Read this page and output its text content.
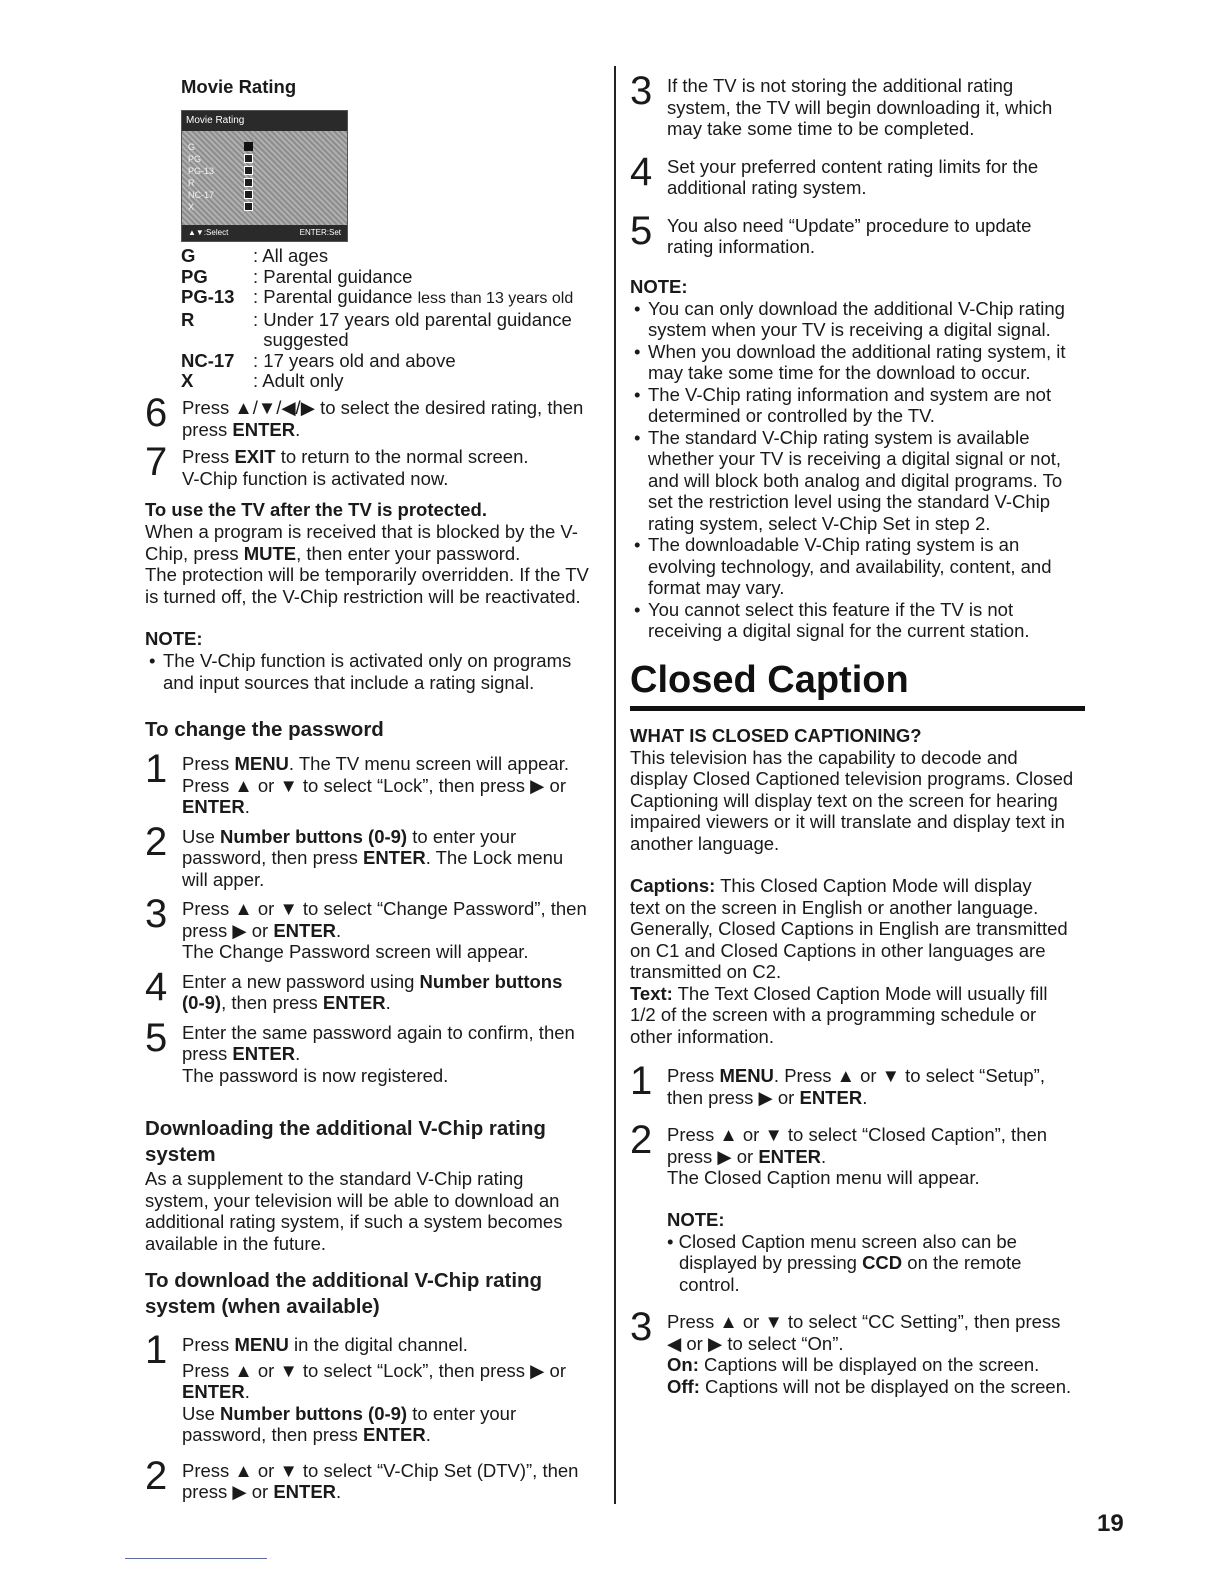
Movie Rating

Movie Rating
G
PG
PG-13
R
NC-17
X
▲▼:Select	ENTER:Set
G	: All ages
PG	: Parental guidance
PG-13	: Parental guidance less than 13 years old
R	: Under 17 years old parental guidance
suggested
NC-17	: 17 years old and above
X	: Adult only
6 Press ▲/▼/◀/▶ to select the desired rating, then

press ENTER.

7 Press EXIT to return to the normal screen.

V-Chip function is activated now.

To use the TV after the TV is protected.

When a program is received that is blocked by the V-

Chip, press MUTE, then enter your password.

The protection will be temporarily overridden. If the TV

is turned off, the V-Chip restriction will be reactivated.

NOTE:

• The V-Chip function is activated only on programs
and input sources that include a rating signal.

To change the password

1 Press MENU. The TV menu screen will appear.

Press ▲ or ▼ to select “Lock”, then press ▶ or

ENTER.

2 Use Number buttons (0-9) to enter your

password, then press ENTER. The Lock menu

will apper.

3 Press ▲ or ▼ to select “Change Password”, then

press ▶ or ENTER.

The Change Password screen will appear.

4 Enter a new password using Number buttons

(0-9), then press ENTER.

5 Enter the same password again to confirm, then

press ENTER.

The password is now registered.

Downloading the additional V-Chip rating
system

As a supplement to the standard V-Chip rating

system, your television will be able to download an

additional rating system, if such a system becomes

available in the future.

To download the additional V-Chip rating
system (when available)

1 Press MENU in the digital channel.

Press ▲ or ▼ to select “Lock”, then press ▶ or

ENTER.

Use Number buttons (0-9) to enter your

password, then press ENTER.

2 Press ▲ or ▼ to select “V-Chip Set (DTV)”, then

press ▶ or ENTER.

3 If the TV is not storing the additional rating

system, the TV will begin downloading it, which

may take some time to be completed.

4 Set your preferred content rating limits for the

additional rating system.

5 You also need “Update” procedure to update

rating information.

NOTE:

• You can only download the additional V-Chip rating
system when your TV is receiving a digital signal.
• When you download the additional rating system, it
may take some time for the download to occur.
• The V-Chip rating information and system are not
determined or controlled by the TV.
• The standard V-Chip rating system is available
whether your TV is receiving a digital signal or not,
and will block both analog and digital programs. To
set the restriction level using the standard V-Chip
rating system, select V-Chip Set in step 2.
• The downloadable V-Chip rating system is an
evolving technology, and availability, content, and
format may vary.
• You cannot select this feature if the TV is not
receiving a digital signal for the current station.

Closed Caption

WHAT IS CLOSED CAPTIONING?

This television has the capability to decode and

display Closed Captioned television programs. Closed

Captioning will display text on the screen for hearing

impaired viewers or it will translate and display text in

another language.

Captions: This Closed Caption Mode will display

text on the screen in English or another language.

Generally, Closed Captions in English are transmitted

on C1 and Closed Captions in other languages are

transmitted on C2.

Text: The Text Closed Caption Mode will usually fill

1/2 of the screen with a programming schedule or

other information.

1 Press MENU. Press ▲ or ▼ to select “Setup”,

then press ▶ or ENTER.

2 Press ▲ or ▼ to select “Closed Caption”, then

press ▶ or ENTER.

The Closed Caption menu will appear.

NOTE:

• Closed Caption menu screen also can be

displayed by pressing CCD on the remote

control.

3 Press ▲ or ▼ to select “CC Setting”, then press

◀ or ▶ to select “On”.

On: Captions will be displayed on the screen.

Off: Captions will not be displayed on the screen.

19
